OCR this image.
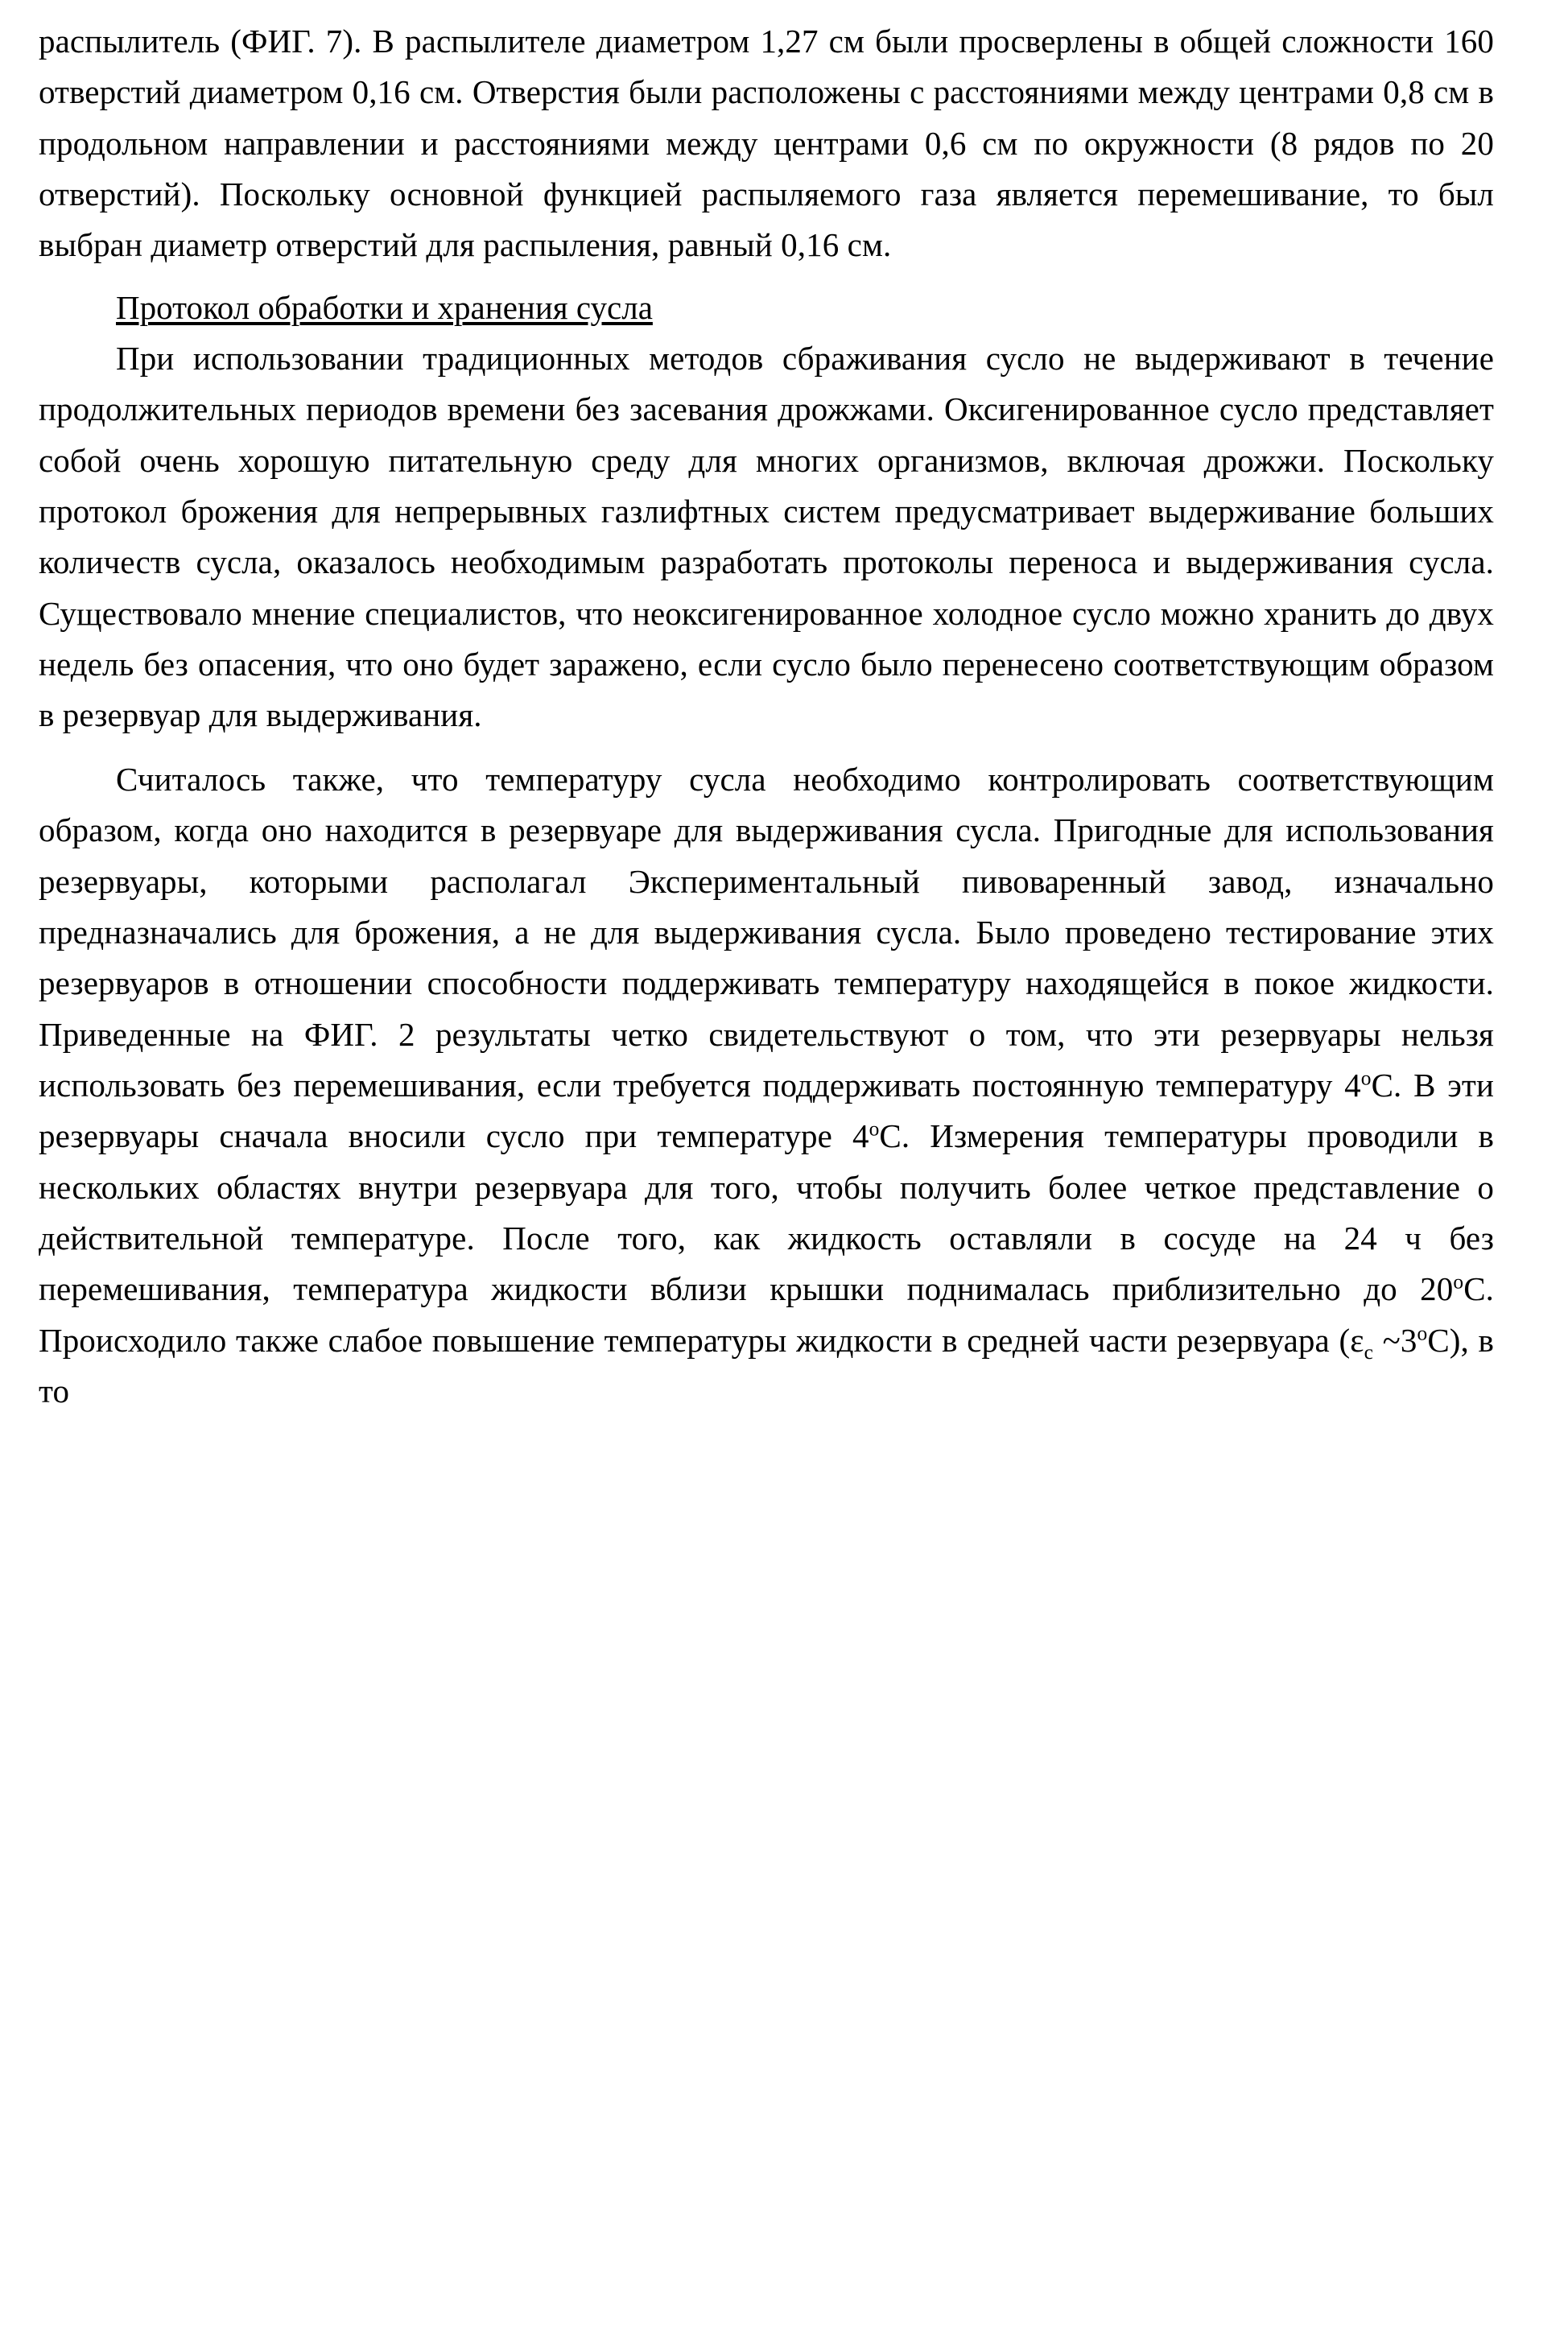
распылитель (ФИГ. 7). В распылителе диаметром 1,27 см были просверлены в общей сложности 160 отверстий диаметром 0,16 см. Отверстия были расположены с расстояниями между центрами 0,8 см в продольном направлении и расстояниями между центрами 0,6 см по окружности (8 рядов по 20 отверстий). Поскольку основной функцией распыляемого газа является перемешивание, то был выбран диаметр отверстий для распыления, равный 0,16 см.

Протокол обработки и хранения сусла

При использовании традиционных методов сбраживания сусло не выдерживают в течение продолжительных периодов времени без засевания дрожжами. Оксигенированное сусло представляет собой очень хорошую питательную среду для многих организмов, включая дрожжи. Поскольку протокол брожения для непрерывных газлифтных систем предусматривает выдерживание больших количеств сусла, оказалось необходимым разработать протоколы переноса и выдерживания сусла. Существовало мнение специалистов, что неоксигенированное холодное сусло можно хранить до двух недель без опасения, что оно будет заражено, если сусло было перенесено соответствующим образом в резервуар для выдерживания.

Считалось также, что температуру сусла необходимо контролировать соответствующим образом, когда оно находится в резервуаре для выдерживания сусла. Пригодные для использования резервуары, которыми располагал Экспериментальный пивоваренный завод, изначально предназначались для брожения, а не для выдерживания сусла. Было проведено тестирование этих резервуаров в отношении способности поддерживать температуру находящейся в покое жидкости. Приведенные на ФИГ. 2 результаты четко свидетельствуют о том, что эти резервуары нельзя использовать без перемешивания, если требуется поддерживать постоянную температуру 4$^o$C. В эти резервуары сначала вносили сусло при температуре 4$^o$C. Измерения температуры проводили в нескольких областях внутри резервуара для того, чтобы получить более четкое представление о действительной температуре. После того, как жидкость оставляли в сосуде на 24 ч без перемешивания, температура жидкости вблизи крышки поднималась приблизительно до 20$^o$C. Происходило также слабое повышение температуры жидкости в средней части резервуара ($\varepsilon_c$ ~3$^o$C), в то
